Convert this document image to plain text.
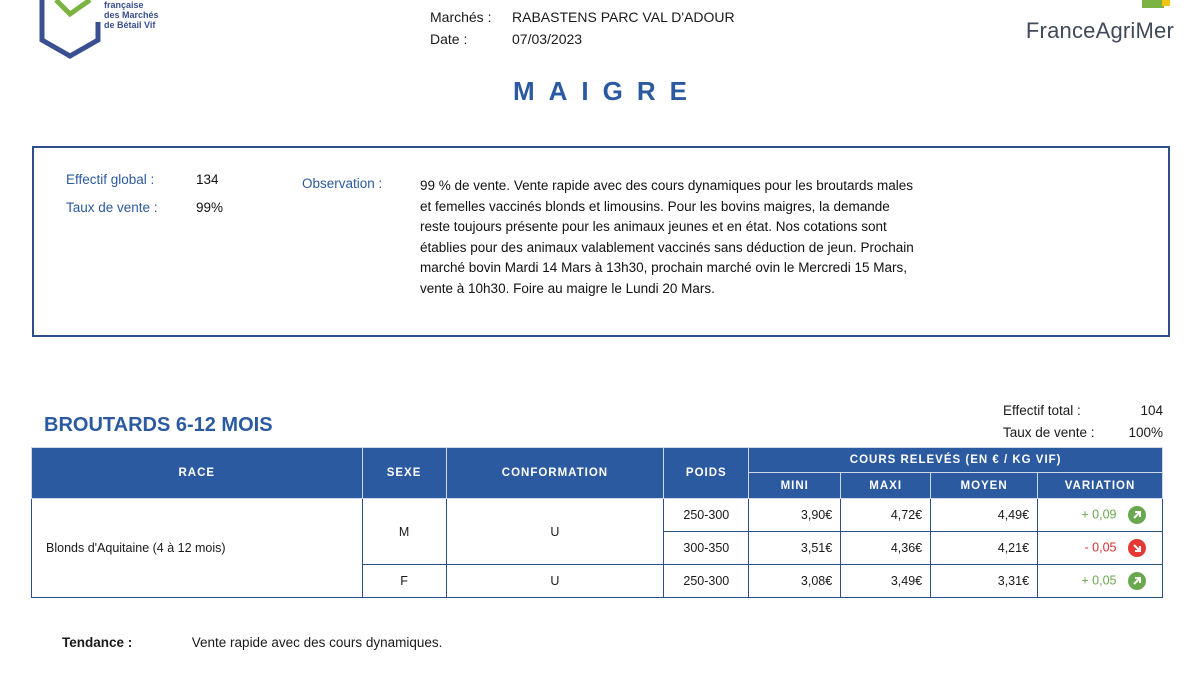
française
des Marchés
de Bétail Vif	Marchés :	RABASTENS PARC VAL D'ADOUR
Date :	07/03/2023	FranceAgriMer
MAIGRE
Effectif global :	134
Taux de vente :	99%
Observation :	99 % de vente. Vente rapide avec des cours dynamiques pour les broutards males et femelles vaccinés blonds et limousins. Pour les bovins maigres, la demande reste toujours présente pour les animaux jeunes et en état. Nos cotations sont établies pour des animaux valablement vaccinés sans déduction de jeun. Prochain marché bovin Mardi 14 Mars à 13h30, prochain marché ovin le Mercredi 15 Mars, vente à 10h30. Foire au maigre le Lundi 20 Mars.
BROUTARDS 6-12 MOIS
Effectif total :	104
Taux de vente :	100%
RACE	SEXE	CONFORMATION	POIDS	COURS RELEVÉS (EN € / KG VIF)			
				MINI	MAXI	MOYEN	VARIATION
Blonds d'Aquitaine (4 à 12 mois)	M	U	250-300	3,90€	4,72€	4,49€	+ 0,09

			300-350	3,51€	4,36€	4,21€	- 0,05

	F	U	250-300	3,08€	3,49€	3,31€	+ 0,05
Tendance :	Vente rapide avec des cours dynamiques.
